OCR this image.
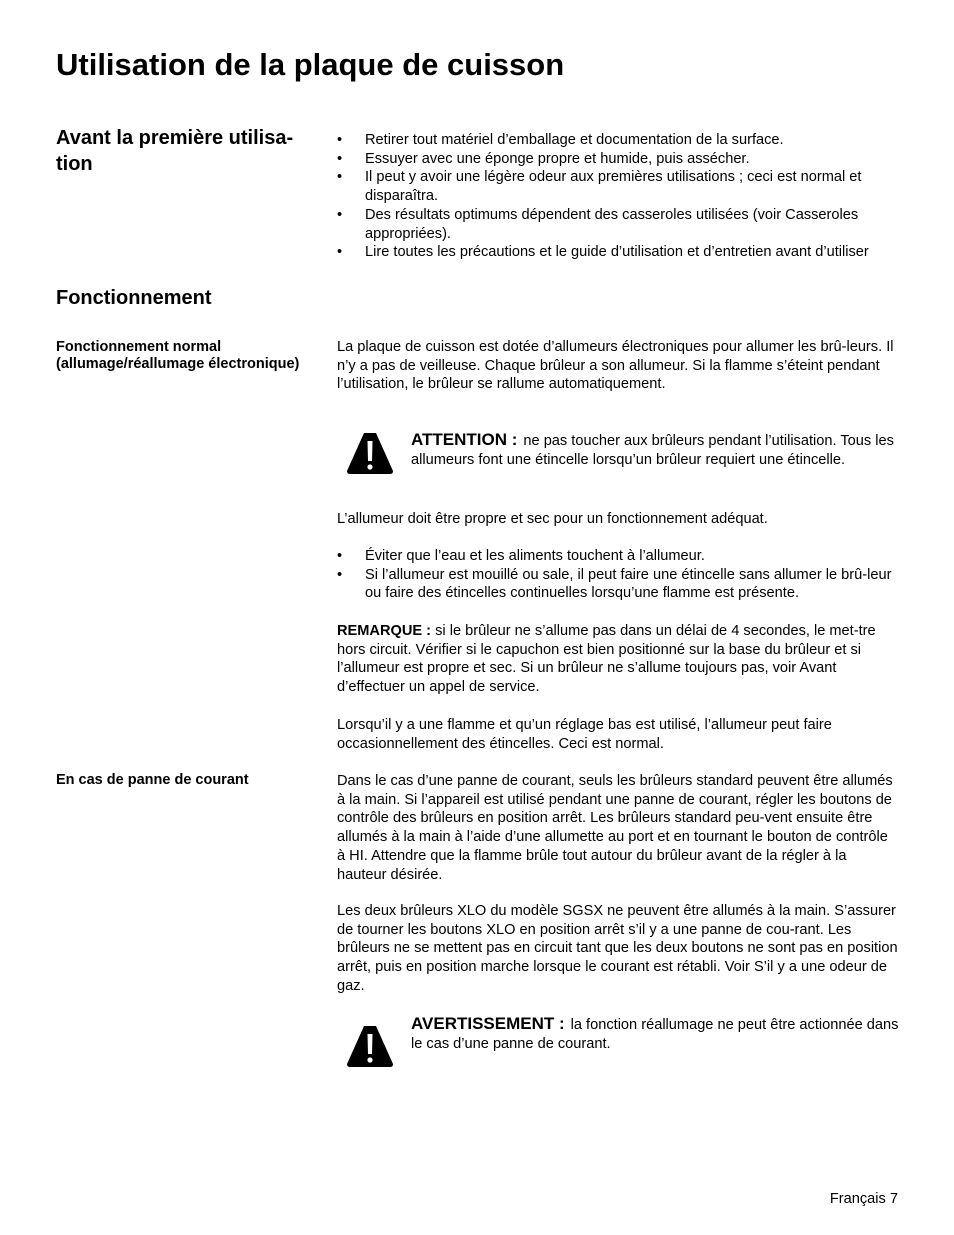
Utilisation de la plaque de cuisson
Avant la première utilisa-tion
• Retirer tout matériel d’emballage et documentation de la surface.
• Essuyer avec une éponge propre et humide, puis assécher.
• Il peut y avoir une légère odeur aux premières utilisations ; ceci est normal et disparaîtra.
• Des résultats optimums dépendent des casseroles utilisées (voir Casseroles appropriées).
• Lire toutes les précautions et le guide d’utilisation et d’entretien avant d’utiliser
Fonctionnement
Fonctionnement normal (allumage/réallumage électronique)

La plaque de cuisson est dotée d’allumeurs électroniques pour allumer les brû-leurs. Il n’y a pas de veilleuse. Chaque brûleur a son allumeur. Si la flamme s’éteint pendant l’utilisation, le brûleur se rallume automatiquement.

ATTENTION : ne pas toucher aux brûleurs pendant l’utilisation. Tous les allumeurs font une étincelle lorsqu’un brûleur requiert une étincelle.

L’allumeur doit être propre et sec pour un fonctionnement adéquat.

• Éviter que l’eau et les aliments touchent à l’allumeur.
• Si l’allumeur est mouillé ou sale, il peut faire une étincelle sans allumer le brû-leur ou faire des étincelles continuelles lorsqu’une flamme est présente.

REMARQUE : si le brûleur ne s’allume pas dans un délai de 4 secondes, le met-tre hors circuit. Vérifier si le capuchon est bien positionné sur la base du brûleur et si l’allumeur est propre et sec. Si un brûleur ne s’allume toujours pas, voir Avant d’effectuer un appel de service.

Lorsqu’il y a une flamme et qu’un réglage bas est utilisé, l’allumeur peut faire occasionnellement des étincelles. Ceci est normal.

En cas de panne de courant	Dans le cas d’une panne de courant, seuls les brûleurs standard peuvent être allumés à la main. Si l’appareil est utilisé pendant une panne de courant, régler les boutons de contrôle des brûleurs en position arrêt. Les brûleurs standard peu-vent ensuite être allumés à la main à l’aide d’une allumette au port et en tournant le bouton de contrôle à HI. Attendre que la flamme brûle tout autour du brûleur avant de la régler à la hauteur désirée.

Les deux brûleurs XLO du modèle SGSX ne peuvent être allumés à la main. S’assurer de tourner les boutons XLO en position arrêt s’il y a une panne de cou-rant. Les brûleurs ne se mettent pas en circuit tant que les deux boutons ne sont pas en position arrêt, puis en position marche lorsque le courant est rétabli. Voir S’il y a une odeur de gaz.

AVERTISSEMENT : la fonction réallumage ne peut être actionnée dans le cas d’une panne de courant.

Français 7
